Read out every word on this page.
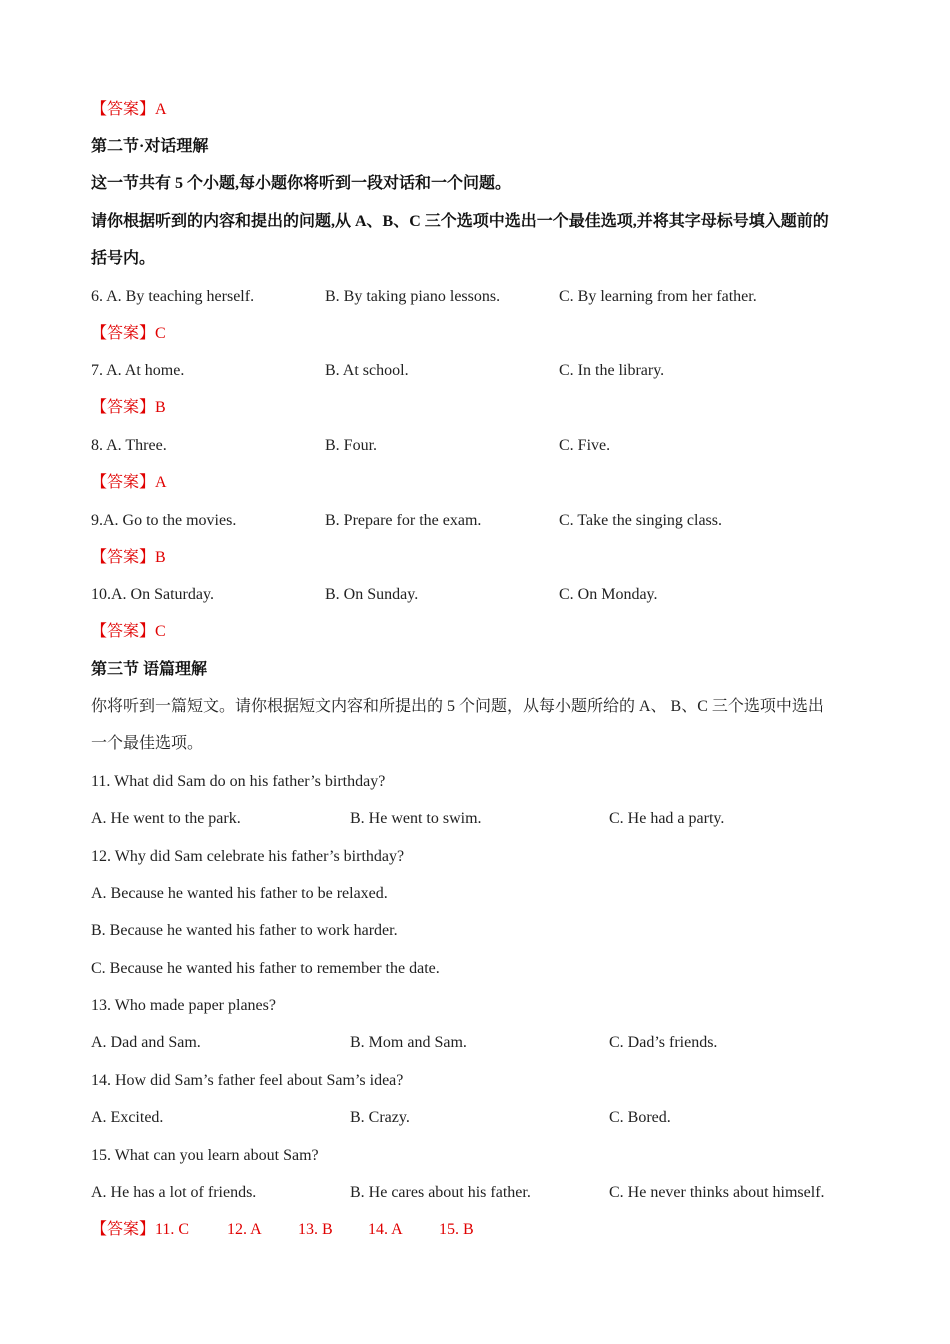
【答案】A
第二节·对话理解
这一节共有 5 个小题,每小题你将听到一段对话和一个问题。
请你根据听到的内容和提出的问题,从 A、B、C 三个选项中选出一个最佳选项,并将其字母标号填入题前的
括号内。
6. A. By teaching herself.	B. By taking piano lessons.	C. By learning from her father.
【答案】C
7. A. At home.	B. At school.	C. In the library.
【答案】B
8. A. Three.	B. Four.	C. Five.
【答案】A
9.A. Go to the movies.	B. Prepare for the exam.	C. Take the singing class.
【答案】B
10.A. On Saturday.	B. On Sunday.	C. On Monday.
【答案】C
第三节 语篇理解
你将听到一篇短文。请你根据短文内容和所提出的 5 个问题，从每小题所给的 A、 B、C 三个选项中选出
一个最佳选项。
11. What did Sam do on his father’s birthday?
A. He went to the park.	B. He went to swim.	C. He had a party.
12. Why did Sam celebrate his father’s birthday?
A. Because he wanted his father to be relaxed.
B. Because he wanted his father to work harder.
C. Because he wanted his father to remember the date.
13. Who made paper planes?
A. Dad and Sam.	B. Mom and Sam.	C. Dad’s friends.
14. How did Sam’s father feel about Sam’s idea?
A. Excited.	B. Crazy.	C. Bored.
15. What can you learn about Sam?
A. He has a lot of friends.	B. He cares about his father.	C. He never thinks about himself.
【答案】11. C 12. A 13. B 14. A 15. B
